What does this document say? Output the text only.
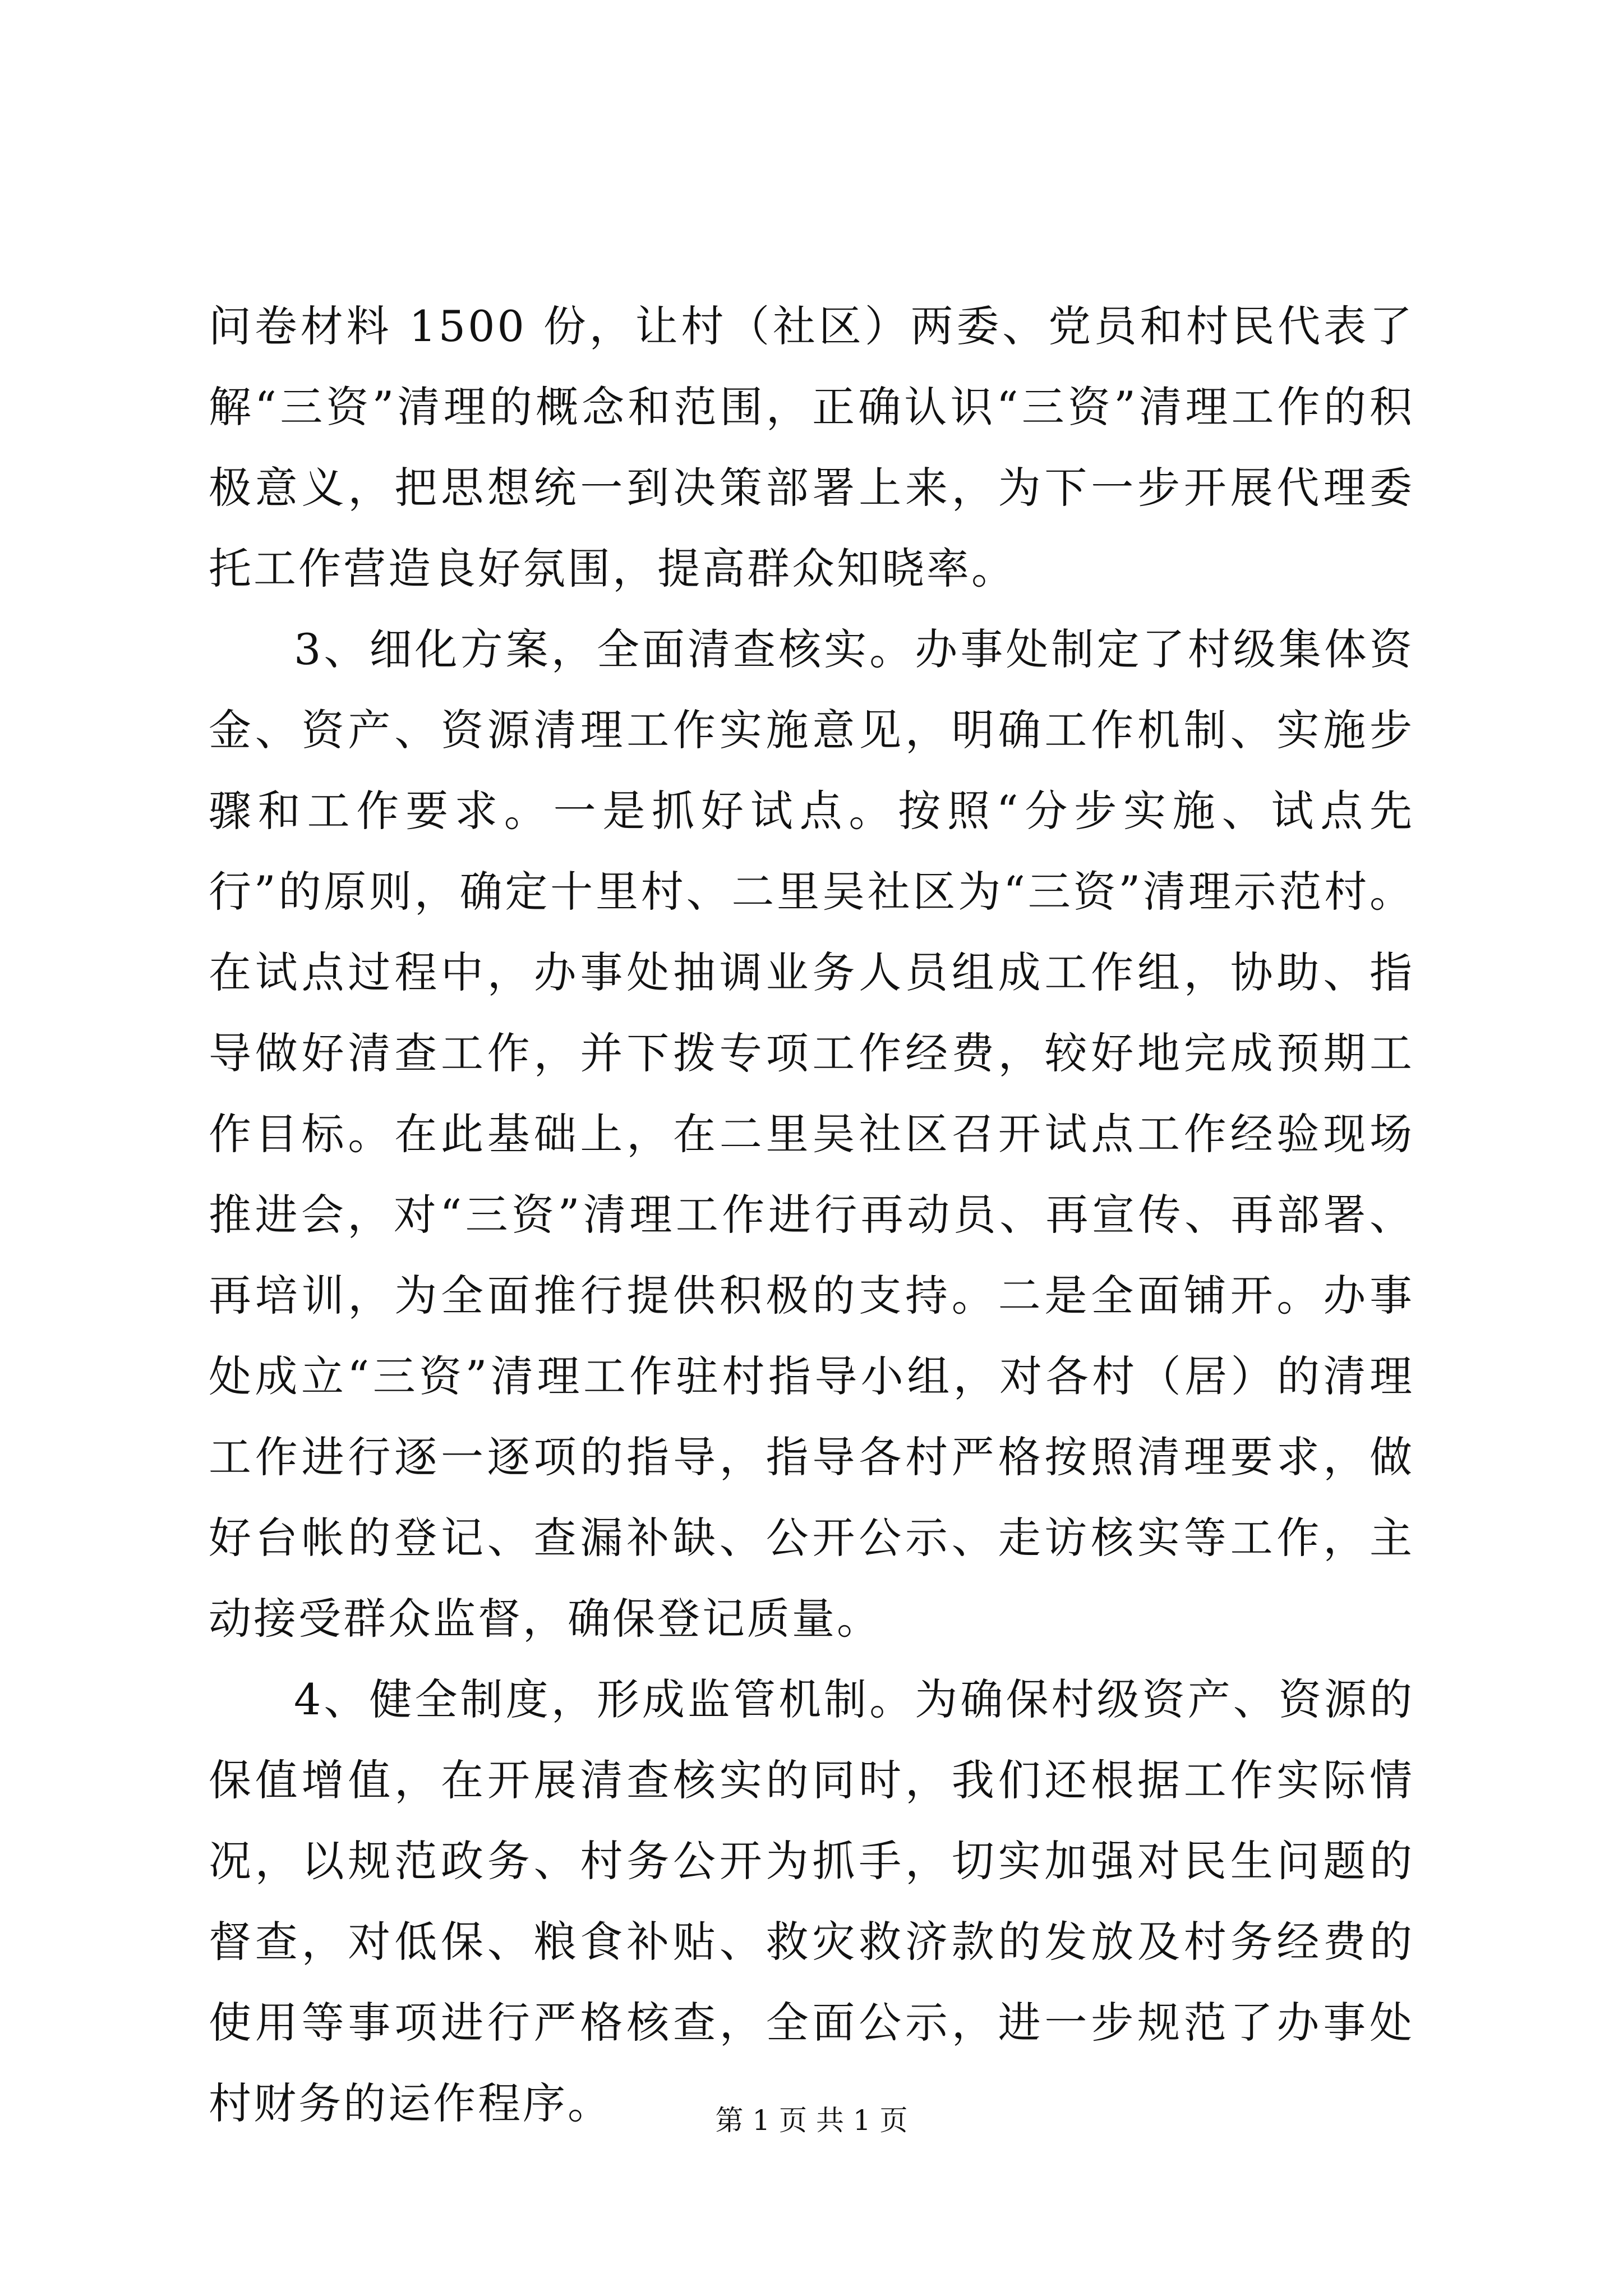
问卷材料 1500 份，让村（社区）两委、党员和村民代表了解“三资”清理的概念和范围，正确认识“三资”清理工作的积极意义，把思想统一到决策部署上来，为下一步开展代理委托工作营造良好氛围，提高群众知晓率。

3、细化方案，全面清查核实。办事处制定了村级集体资金、资产、资源清理工作实施意见，明确工作机制、实施步骤和工作要求。一是抓好试点。按照“分步实施、试点先行”的原则，确定十里村、二里吴社区为“三资”清理示范村。在试点过程中，办事处抽调业务人员组成工作组，协助、指导做好清查工作，并下拨专项工作经费，较好地完成预期工作目标。在此基础上，在二里吴社区召开试点工作经验现场推进会，对“三资”清理工作进行再动员、再宣传、再部署、再培训，为全面推行提供积极的支持。二是全面铺开。办事处成立“三资”清理工作驻村指导小组，对各村（居）的清理工作进行逐一逐项的指导，指导各村严格按照清理要求，做好台帐的登记、查漏补缺、公开公示、走访核实等工作，主动接受群众监督，确保登记质量。

4、健全制度，形成监管机制。为确保村级资产、资源的保值增值，在开展清查核实的同时，我们还根据工作实际情况，以规范政务、村务公开为抓手，切实加强对民生问题的督查，对低保、粮食补贴、救灾救济款的发放及村务经费的使用等事项进行严格核查，全面公示，进一步规范了办事处村财务的运作程序。	第 1 页 共 1 页
